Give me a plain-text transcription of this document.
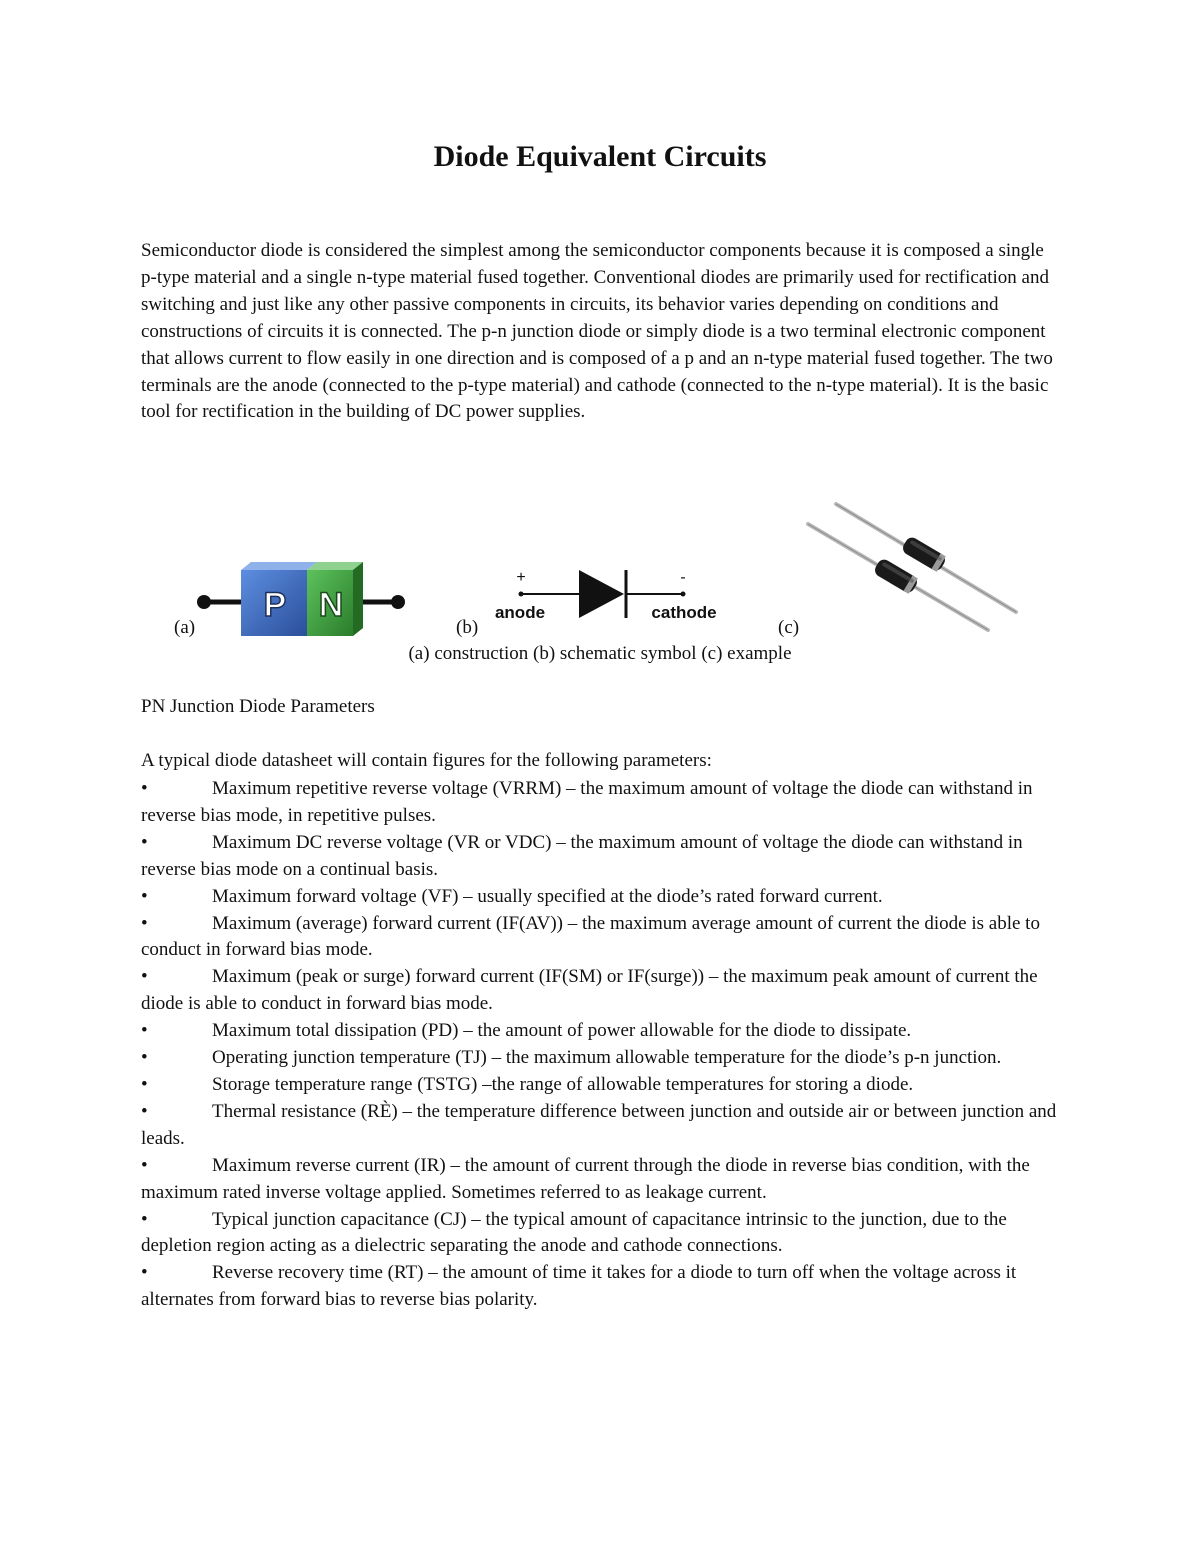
Diode Equivalent Circuits

Semiconductor diode is considered the simplest among the semiconductor components because it is composed a single p-type material and a single n-type material fused together. Conventional diodes are primarily used for rectification and switching and just like any other passive components in circuits, its behavior varies depending on conditions and constructions of circuits it is connected. The p-n junction diode or simply diode is a two terminal electronic component that allows current to flow easily in one direction and is composed of a p and an n-type material fused together. The two terminals are the anode (connected to the p-type material) and cathode (connected to the n-type material). It is the basic tool for rectification in the building of DC power supplies.

P N
(a)
+	-
anode	cathode
(b)	(c)
(a) construction (b) schematic symbol (c) example
PN Junction Diode Parameters
A typical diode datasheet will contain figures for the following parameters:
•	Maximum repetitive reverse voltage (VRRM) – the maximum amount of voltage the diode can withstand in reverse bias mode, in repetitive pulses.
•	Maximum DC reverse voltage (VR or VDC) – the maximum amount of voltage the diode can withstand in reverse bias mode on a continual basis.
•	Maximum forward voltage (VF) – usually specified at the diode’s rated forward current.
•	Maximum (average) forward current (IF(AV)) – the maximum average amount of current the diode is able to conduct in forward bias mode.
•	Maximum (peak or surge) forward current (IF(SM) or IF(surge)) – the maximum peak amount of current the diode is able to conduct in forward bias mode.
•	Maximum total dissipation (PD) – the amount of power allowable for the diode to dissipate.
•	Operating junction temperature (TJ) – the maximum allowable temperature for the diode’s p-n junction.
•	Storage temperature range (TSTG) –the range of allowable temperatures for storing a diode.
•	Thermal resistance (RÈ) – the temperature difference between junction and outside air or between junction and leads.
•	Maximum reverse current (IR) – the amount of current through the diode in reverse bias condition, with the maximum rated inverse voltage applied. Sometimes referred to as leakage current.
•	Typical junction capacitance (CJ) – the typical amount of capacitance intrinsic to the junction, due to the depletion region acting as a dielectric separating the anode and cathode connections.
•	Reverse recovery time (RT) – the amount of time it takes for a diode to turn off when the voltage across it alternates from forward bias to reverse bias polarity.
